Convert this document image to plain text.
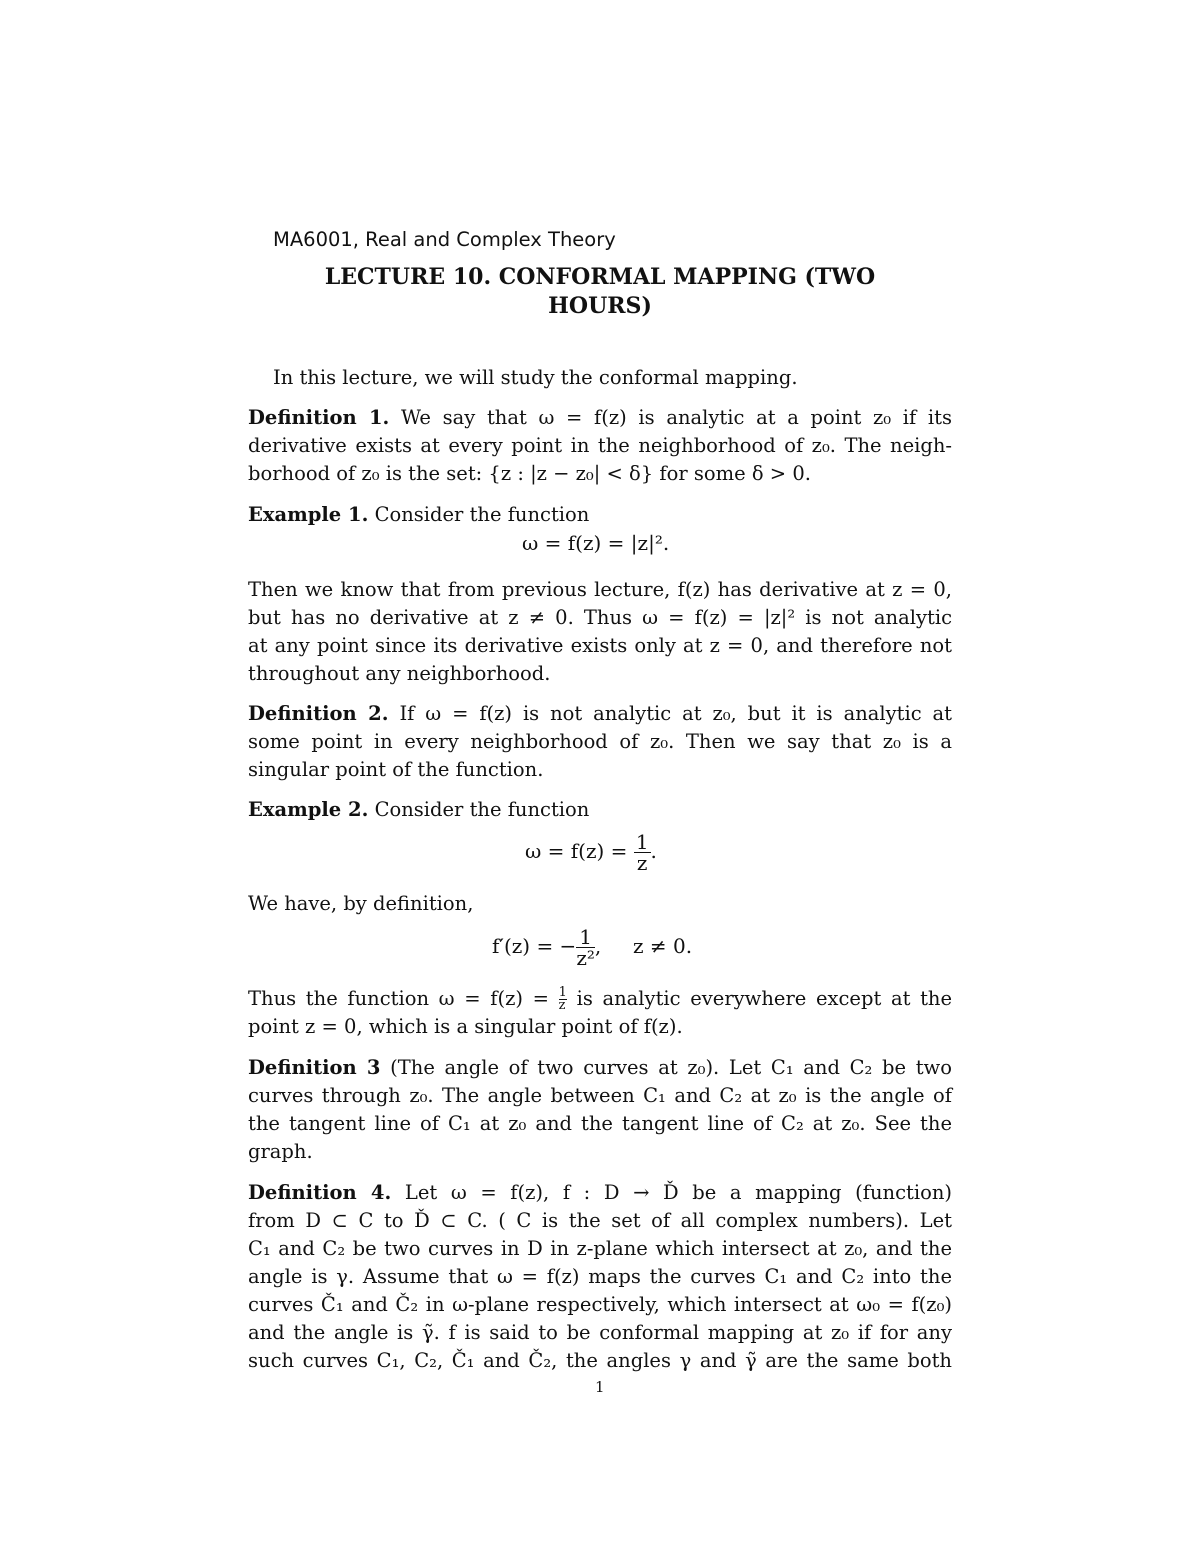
MA6001, Real and Complex Theory
LECTURE 10. CONFORMAL MAPPING (TWO
HOURS)
In this lecture, we will study the conformal mapping.
Definition 1. We say that ω = f(z) is analytic at a point z₀ if its
derivative exists at every point in the neighborhood of z₀. The neigh-
borhood of z₀ is the set: {z : |z − z₀| < δ} for some δ > 0.
Example 1. Consider the function
ω = f(z) = |z|².
Then we know that from previous lecture, f(z) has derivative at z = 0,
but has no derivative at z ≠ 0. Thus ω = f(z) = |z|² is not analytic
at any point since its derivative exists only at z = 0, and therefore not
throughout any neighborhood.
Definition 2. If ω = f(z) is not analytic at z₀, but it is analytic at
some point in every neighborhood of z₀. Then we say that z₀ is a
singular point of the function.
Example 2. Consider the function
$\omega = f(z) = \frac{1}{z}$ .
We have, by definition,
f′(z) = − $\frac{1}{\text{z²}}$ ,     z ≠ 0.
Thus the function $\omega = f(z) = \frac{1}{z}$ is analytic everywhere except at the
point z = 0, which is a singular point of f(z).
Definition 3 (The angle of two curves at z₀). Let C₁ and C₂ be two
curves through z₀. The angle between C₁ and C₂ at z₀ is the angle of
the tangent line of C₁ at z₀ and the tangent line of C₂ at z₀. See the
graph.
Definition 4. Let ω = f(z), f : D → Ď be a mapping (function)
from D ⊂ C to Ď ⊂ C. ( C is the set of all complex numbers). Let
C₁ and C₂ be two curves in D in z-plane which intersect at z₀, and the
angle is γ. Assume that ω = f(z) maps the curves C₁ and C₂ into the
curves Č₁ and Č₂ in ω-plane respectively, which intersect at ω₀ = f(z₀)
and the angle is γ̃. f is said to be conformal mapping at z₀ if for any
such curves C₁, C₂, Č₁ and Č₂, the angles γ and γ̃ are the same both
1
